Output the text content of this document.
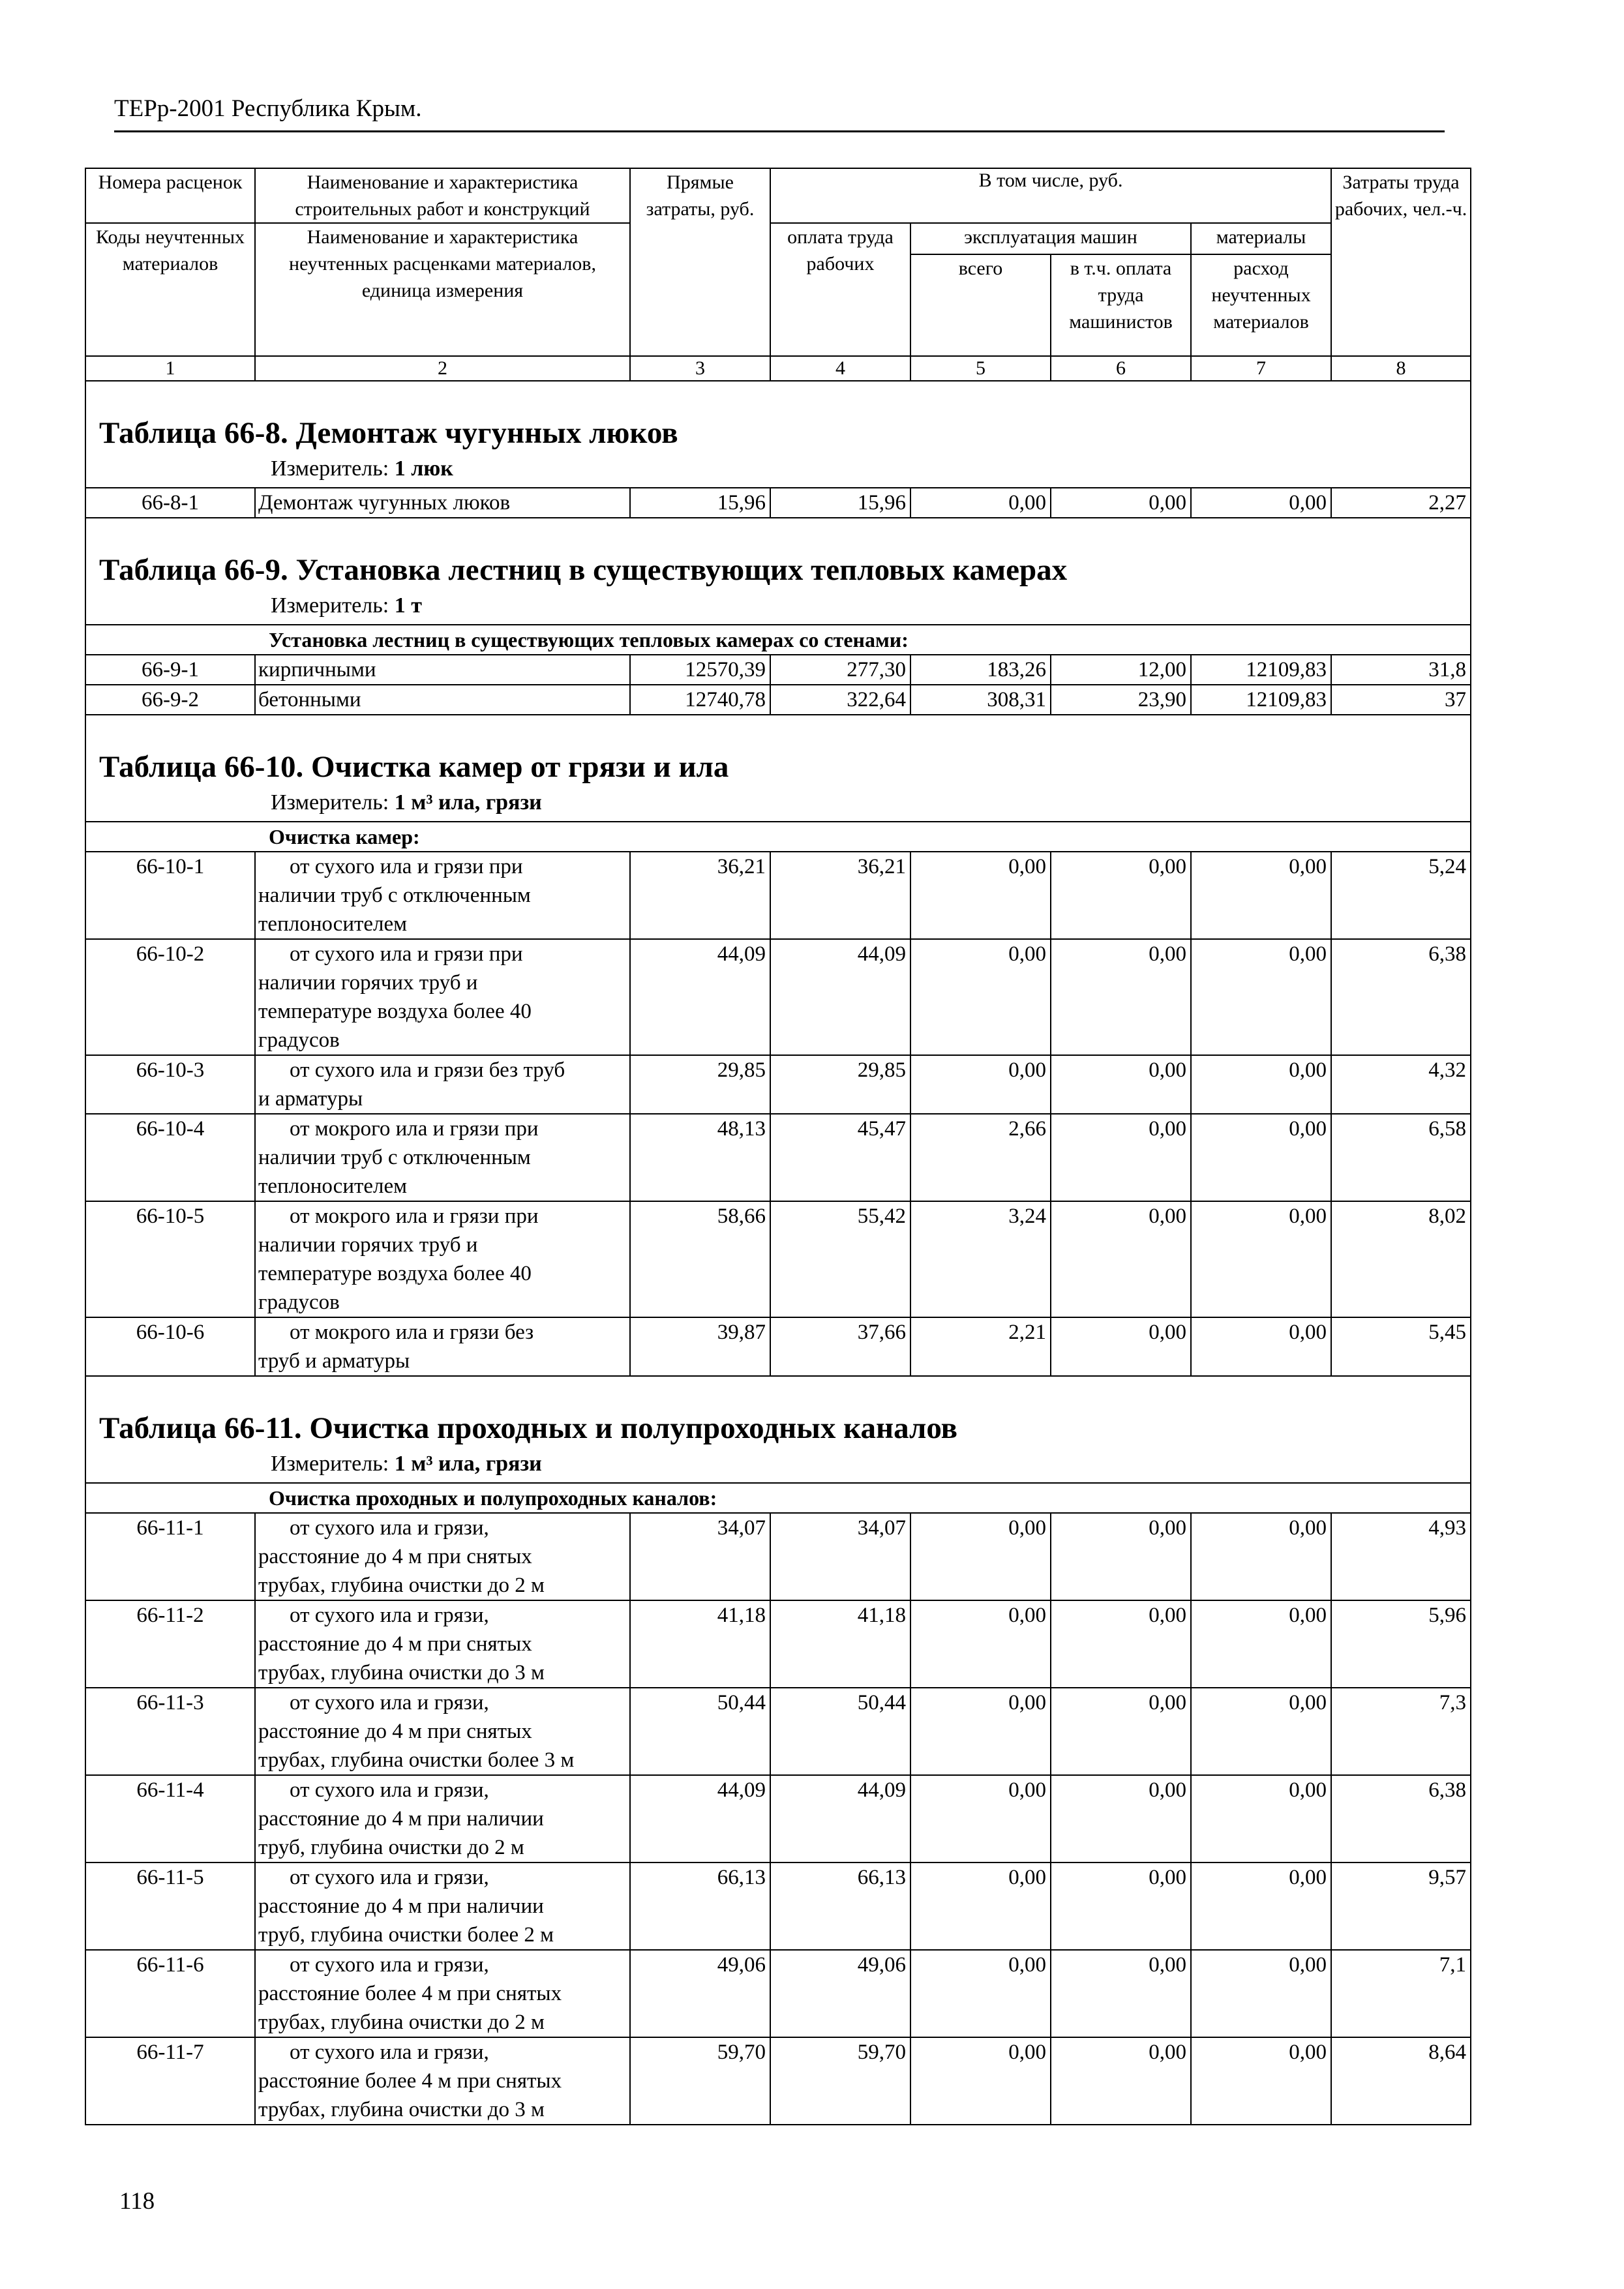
ТЕРр-2001 Республика Крым.
Номера расценок	Наименование и характеристика строительных работ и конструкций	Прямые затраты, руб.	В том числе, руб.				Затраты труда рабочих, чел.-ч.
Коды неучтенных материалов	Наименование и характеристика неучтенных расценками материалов, единица измерения		оплата труда рабочих	эксплуатация машин		материалы	
				всего	в т.ч. оплата труда машинистов	расход неучтенных материалов	
1	2	3	4	5	6	7	8

Таблица 66-8. Демонтаж чугунных люков
Измеритель: 1 люк							

66-8-1	Демонтаж чугунных люков	15,96	15,96	0,00	0,00	0,00	2,27

Таблица 66-9. Установка лестниц в существующих тепловых камерах
Измеритель: 1 т							

Установка лестниц в существующих тепловых камерах со стенами:							
66-9-1	кирпичными	12570,39	277,30	183,26	12,00	12109,83	31,8
66-9-2	бетонными	12740,78	322,64	308,31	23,90	12109,83	37

Таблица 66-10. Очистка камер от грязи и ила
Измеритель: 1 м³ ила, грязи							

Очистка камер:							
66-10-1	от сухого ила и грязи при
наличии труб с отключенным
теплоносителем	36,21	36,21	0,00	0,00	0,00	5,24
66-10-2	от сухого ила и грязи при
наличии горячих труб и
температуре воздуха более 40
градусов	44,09	44,09	0,00	0,00	0,00	6,38
66-10-3	от сухого ила и грязи без труб
и арматуры	29,85	29,85	0,00	0,00	0,00	4,32
66-10-4	от мокрого ила и грязи при
наличии труб с отключенным
теплоносителем	48,13	45,47	2,66	0,00	0,00	6,58
66-10-5	от мокрого ила и грязи при
наличии горячих труб и
температуре воздуха более 40
градусов	58,66	55,42	3,24	0,00	0,00	8,02
66-10-6	от мокрого ила и грязи без
труб и арматуры	39,87	37,66	2,21	0,00	0,00	5,45

Таблица 66-11. Очистка проходных и полупроходных каналов
Измеритель: 1 м³ ила, грязи							

Очистка проходных и полупроходных каналов:							
66-11-1	от сухого ила и грязи,
расстояние до 4 м при снятых
трубах, глубина очистки до 2 м	34,07	34,07	0,00	0,00	0,00	4,93
66-11-2	от сухого ила и грязи,
расстояние до 4 м при снятых
трубах, глубина очистки до 3 м	41,18	41,18	0,00	0,00	0,00	5,96
66-11-3	от сухого ила и грязи,
расстояние до 4 м при снятых
трубах, глубина очистки более 3 м	50,44	50,44	0,00	0,00	0,00	7,3
66-11-4	от сухого ила и грязи,
расстояние до 4 м при наличии
труб, глубина очистки до 2 м	44,09	44,09	0,00	0,00	0,00	6,38
66-11-5	от сухого ила и грязи,
расстояние до 4 м при наличии
труб, глубина очистки более 2 м	66,13	66,13	0,00	0,00	0,00	9,57
66-11-6	от сухого ила и грязи,
расстояние более 4 м при снятых
трубах, глубина очистки до 2 м	49,06	49,06	0,00	0,00	0,00	7,1
66-11-7	от сухого ила и грязи,
расстояние более 4 м при снятых
трубах, глубина очистки до 3 м	59,70	59,70	0,00	0,00	0,00	8,64
118
